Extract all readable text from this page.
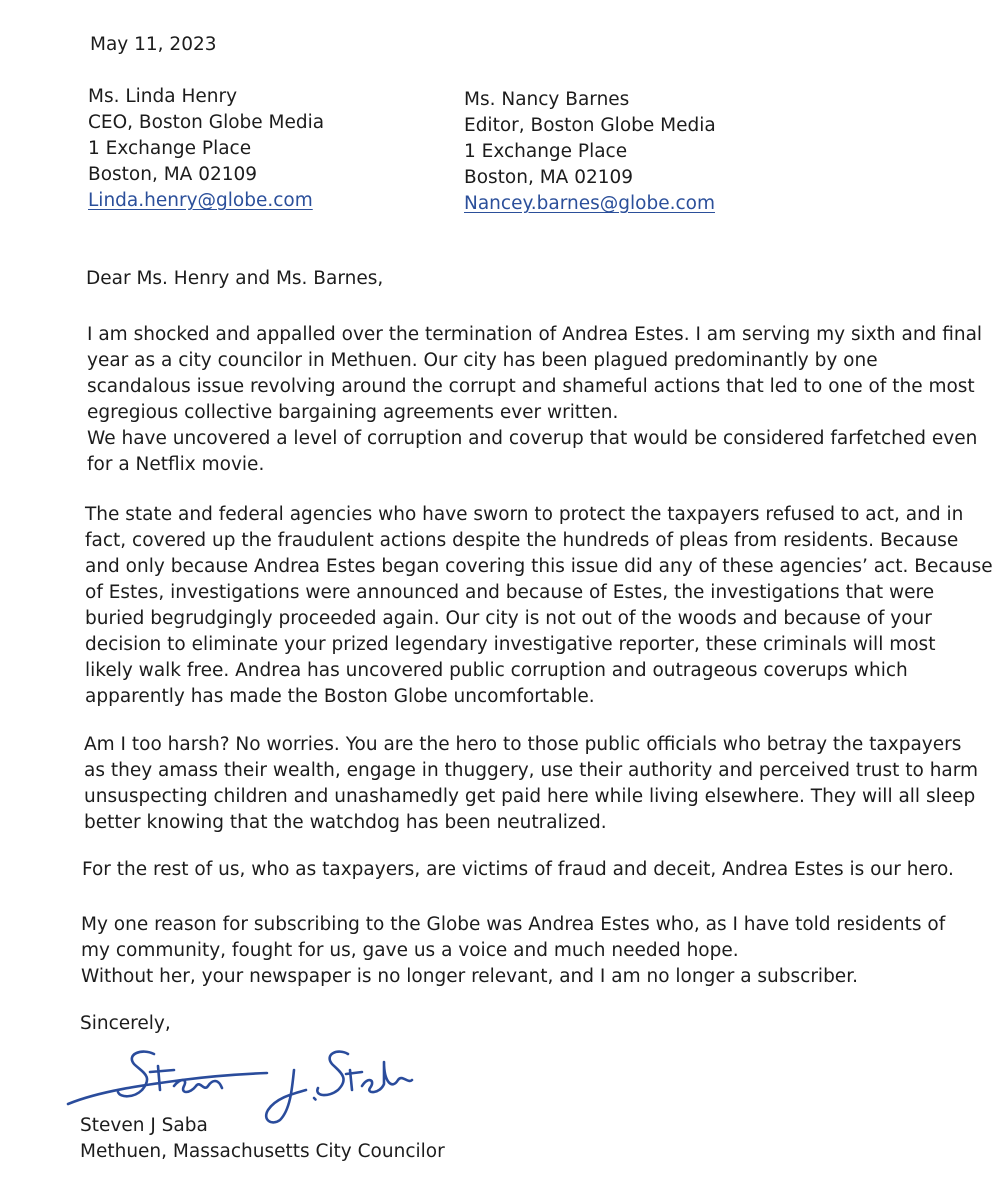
May 11, 2023
Ms. Linda Henry
CEO, Boston Globe Media
1 Exchange Place
Boston, MA 02109
Linda.henry@globe.com
Ms. Nancy Barnes
Editor, Boston Globe Media
1 Exchange Place
Boston, MA 02109
Nancey.barnes@globe.com
Dear Ms. Henry and Ms. Barnes,
I am shocked and appalled over the termination of Andrea Estes. I am serving my sixth and final
year as a city councilor in Methuen. Our city has been plagued predominantly by one
scandalous issue revolving around the corrupt and shameful actions that led to one of the most
egregious collective bargaining agreements ever written.
We have uncovered a level of corruption and coverup that would be considered farfetched even
for a Netflix movie.
The state and federal agencies who have sworn to protect the taxpayers refused to act, and in
fact, covered up the fraudulent actions despite the hundreds of pleas from residents. Because
and only because Andrea Estes began covering this issue did any of these agencies’ act. Because
of Estes, investigations were announced and because of Estes, the investigations that were
buried begrudgingly proceeded again. Our city is not out of the woods and because of your
decision to eliminate your prized legendary investigative reporter, these criminals will most
likely walk free. Andrea has uncovered public corruption and outrageous coverups which
apparently has made the Boston Globe uncomfortable.
Am I too harsh? No worries. You are the hero to those public officials who betray the taxpayers
as they amass their wealth, engage in thuggery, use their authority and perceived trust to harm
unsuspecting children and unashamedly get paid here while living elsewhere. They will all sleep
better knowing that the watchdog has been neutralized.
For the rest of us, who as taxpayers, are victims of fraud and deceit, Andrea Estes is our hero.
My one reason for subscribing to the Globe was Andrea Estes who, as I have told residents of
my community, fought for us, gave us a voice and much needed hope.
Without her, your newspaper is no longer relevant, and I am no longer a subscriber.
Sincerely,
Steven J Saba
Methuen, Massachusetts City Councilor
